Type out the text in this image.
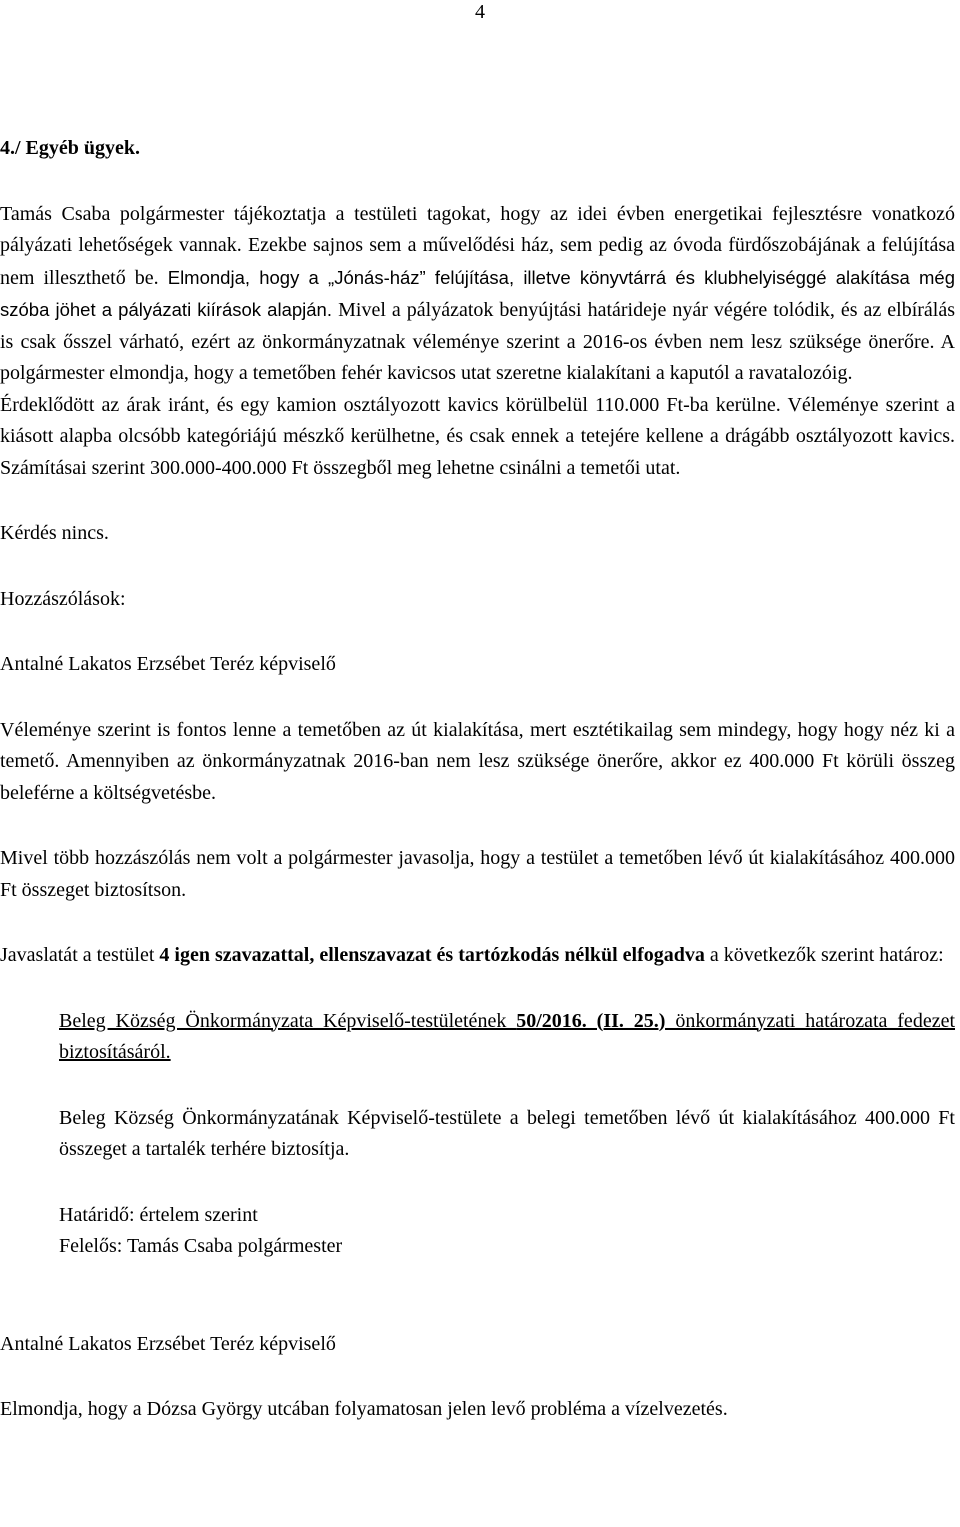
4

4./ Egyéb ügyek.

Tamás Csaba polgármester tájékoztatja a testületi tagokat, hogy az idei évben energetikai fejlesztésre vonatkozó pályázati lehetőségek vannak. Ezekbe sajnos sem a művelődési ház, sem pedig az óvoda fürdőszobájának a felújítása nem illeszthető be. Elmondja, hogy a „Jónás-ház” felújítása, illetve könyvtárrá és klubhelyiséggé alakítása még szóba jöhet a pályázati kiírások alapján. Mivel a pályázatok benyújtási határideje nyár végére tolódik, és az elbírálás is csak ősszel várható, ezért az önkormányzatnak véleménye szerint a 2016-os évben nem lesz szüksége önerőre. A polgármester elmondja, hogy a temetőben fehér kavicsos utat szeretne kialakítani a kaputól a ravatalozóig.

Érdeklődött az árak iránt, és egy kamion osztályozott kavics körülbelül 110.000 Ft-ba kerülne. Véleménye szerint a kiásott alapba olcsóbb kategóriájú mészkő kerülhetne, és csak ennek a tetejére kellene a drágább osztályozott kavics. Számításai szerint 300.000-400.000 Ft összegből meg lehetne csinálni a temetői utat.

Kérdés nincs.

Hozzászólások:

Antalné Lakatos Erzsébet Teréz képviselő

Véleménye szerint is fontos lenne a temetőben az út kialakítása, mert esztétikailag sem mindegy, hogy hogy néz ki a temető. Amennyiben az önkormányzatnak 2016-ban nem lesz szüksége önerőre, akkor ez 400.000 Ft körüli összeg beleférne a költségvetésbe.

Mivel több hozzászólás nem volt a polgármester javasolja, hogy a testület a temetőben lévő út kialakításához 400.000 Ft összeget biztosítson.

Javaslatát a testület 4 igen szavazattal, ellenszavazat és tartózkodás nélkül elfogadva a következők szerint határoz:

Beleg Község Önkormányzata Képviselő-testületének 50/2016. (II. 25.) önkormányzati határozata fedezet biztosításáról.

Beleg Község Önkormányzatának Képviselő-testülete a belegi temetőben lévő út kialakításához 400.000 Ft összeget a tartalék terhére biztosítja.

Határidő: értelem szerint

Felelős: Tamás Csaba polgármester

Antalné Lakatos Erzsébet Teréz képviselő

Elmondja, hogy a Dózsa György utcában folyamatosan jelen levő probléma a vízelvezetés.
